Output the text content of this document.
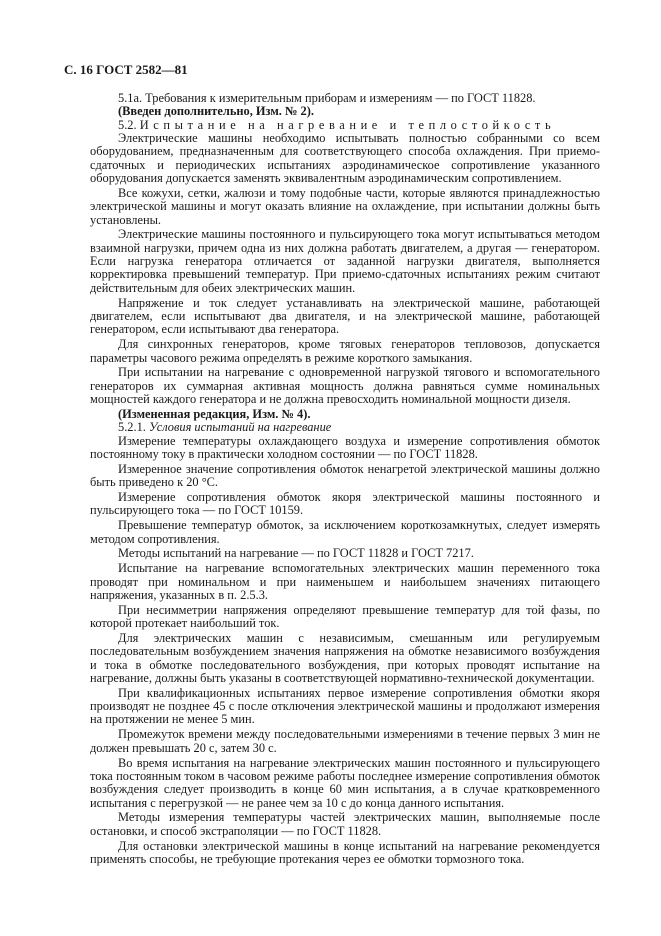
С. 16 ГОСТ 2582—81

5.1а. Требования к измерительным приборам и измерениям — по ГОСТ 11828.

(Введен дополнительно, Изм. № 2).

5.2. Испытание на нагревание и теплостойкость

Электрические машины необходимо испытывать полностью собранными со всем оборудованием, предназначенным для соответствующего способа охлаждения. При приемо-сдаточных и периодических испытаниях аэродинамическое сопротивление указанного оборудования допускается заменять эквивалентным аэродинамическим сопротивлением.

Все кожухи, сетки, жалюзи и тому подобные части, которые являются принадлежностью электрической машины и могут оказать влияние на охлаждение, при испытании должны быть установлены.

Электрические машины постоянного и пульсирующего тока могут испытываться методом взаимной нагрузки, причем одна из них должна работать двигателем, а другая — генератором. Если нагрузка генератора отличается от заданной нагрузки двигателя, выполняется корректировка превышений температур. При приемо-сдаточных испытаниях режим считают действительным для обеих электрических машин.

Напряжение и ток следует устанавливать на электрической машине, работающей двигателем, если испытывают два двигателя, и на электрической машине, работающей генератором, если испытывают два генератора.

Для синхронных генераторов, кроме тяговых генераторов тепловозов, допускается параметры часового режима определять в режиме короткого замыкания.

При испытании на нагревание с одновременной нагрузкой тягового и вспомогательного генераторов их суммарная активная мощность должна равняться сумме номинальных мощностей каждого генератора и не должна превосходить номинальной мощности дизеля.

(Измененная редакция, Изм. № 4).

5.2.1. Условия испытаний на нагревание

Измерение температуры охлаждающего воздуха и измерение сопротивления обмоток постоянному току в практически холодном состоянии — по ГОСТ 11828.

Измеренное значение сопротивления обмоток ненагретой электрической машины должно быть приведено к 20 °С.

Измерение сопротивления обмоток якоря электрической машины постоянного и пульсирующего тока — по ГОСТ 10159.

Превышение температур обмоток, за исключением короткозамкнутых, следует измерять методом сопротивления.

Методы испытаний на нагревание — по ГОСТ 11828 и ГОСТ 7217.

Испытание на нагревание вспомогательных электрических машин переменного тока проводят при номинальном и при наименьшем и наибольшем значениях питающего напряжения, указанных в п. 2.5.3.

При несимметрии напряжения определяют превышение температур для той фазы, по которой протекает наибольший ток.

Для электрических машин с независимым, смешанным или регулируемым последовательным возбуждением значения напряжения на обмотке независимого возбуждения и тока в обмотке последовательного возбуждения, при которых проводят испытание на нагревание, должны быть указаны в соответствующей нормативно-технической документации.

При квалификационных испытаниях первое измерение сопротивления обмотки якоря производят не позднее 45 с после отключения электрической машины и продолжают измерения на протяжении не менее 5 мин.

Промежуток времени между последовательными измерениями в течение первых 3 мин не должен превышать 20 с, затем 30 с.

Во время испытания на нагревание электрических машин постоянного и пульсирующего тока постоянным током в часовом режиме работы последнее измерение сопротивления обмоток возбуждения следует производить в конце 60 мин испытания, а в случае кратковременного испытания с перегрузкой — не ранее чем за 10 с до конца данного испытания.

Методы измерения температуры частей электрических машин, выполняемые после остановки, и способ экстраполяции — по ГОСТ 11828.

Для остановки электрической машины в конце испытаний на нагревание рекомендуется применять способы, не требующие протекания через ее обмотки тормозного тока.
